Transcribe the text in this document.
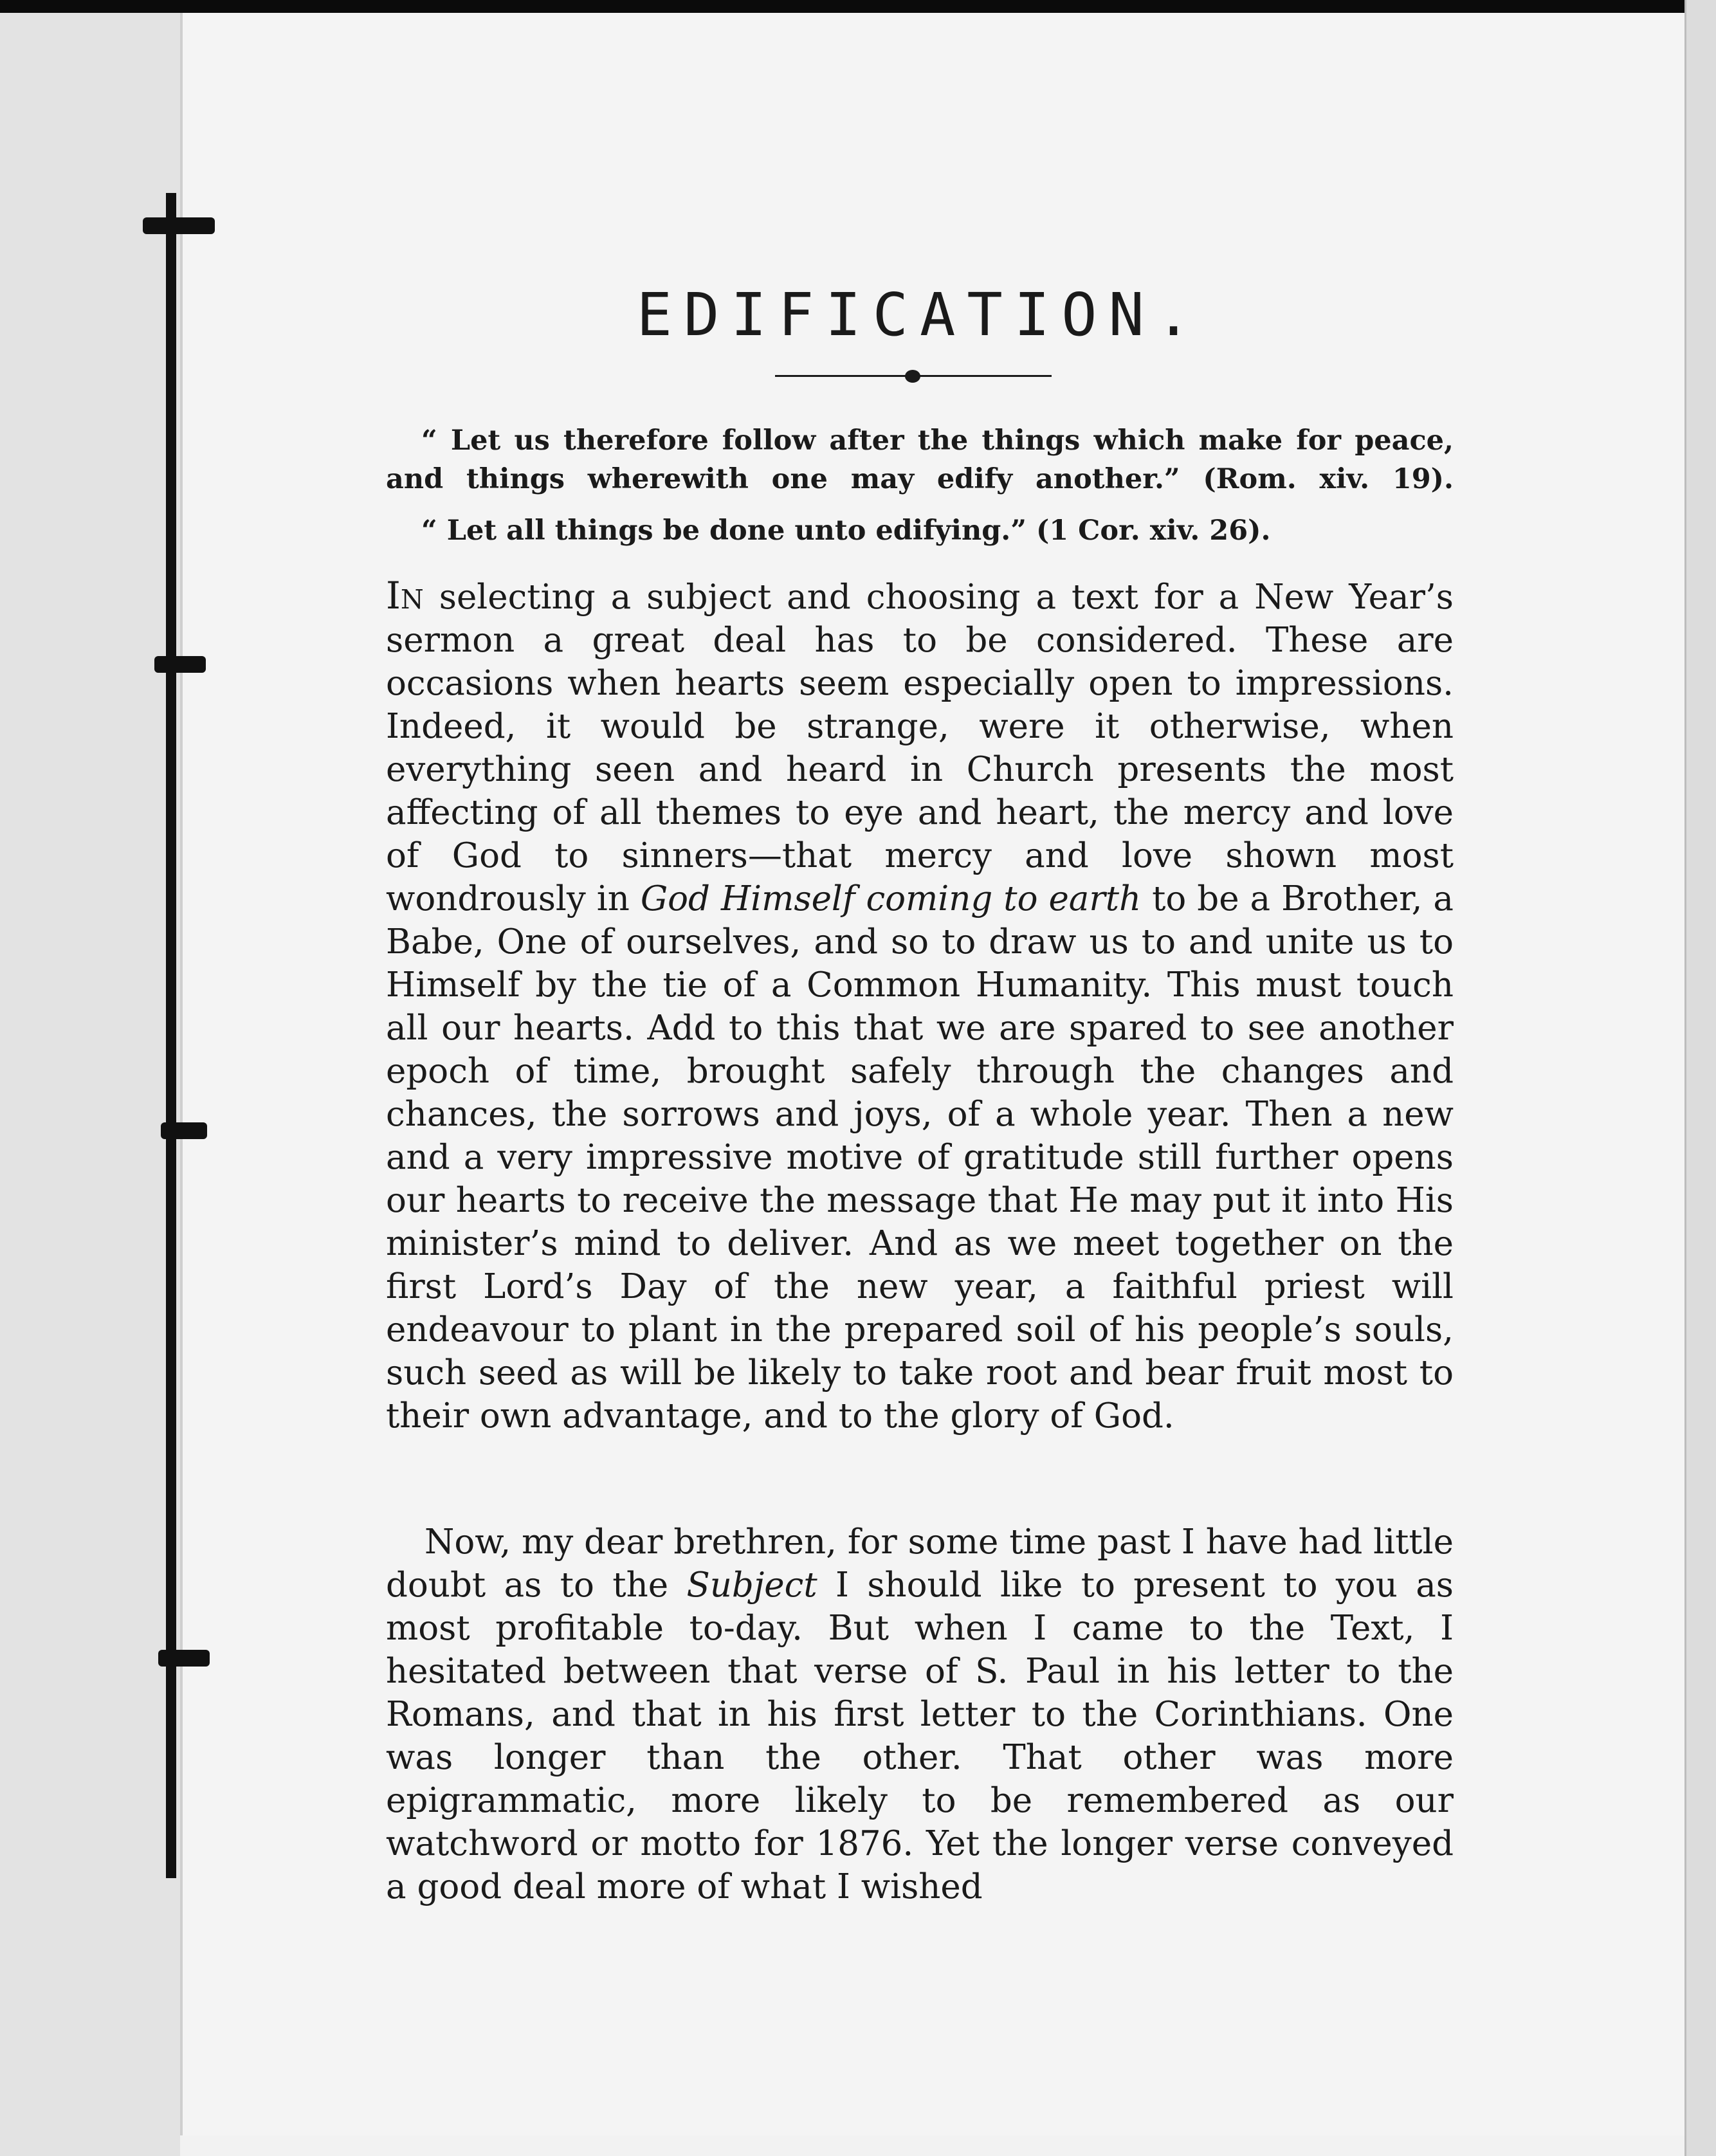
EDIFICATION.

“ Let us therefore follow after the things which make for peace, and things wherewith one may edify another.” (Rom. xiv. 19).

“ Let all things be done unto edifying.” (1 Cor. xiv. 26).

In selecting a subject and choosing a text for a New Year’s sermon a great deal has to be considered. These are occasions when hearts seem especially open to impressions. Indeed, it would be strange, were it otherwise, when everything seen and heard in Church presents the most affecting of all themes to eye and heart, the mercy and love of God to sinners—that mercy and love shown most wondrously in God Himself coming to earth to be a Brother, a Babe, One of ourselves, and so to draw us to and unite us to Himself by the tie of a Common Humanity. This must touch all our hearts. Add to this that we are spared to see another epoch of time, brought safely through the changes and chances, the sorrows and joys, of a whole year. Then a new and a very impressive motive of gratitude still further opens our hearts to receive the message that He may put it into His minister’s mind to deliver. And as we meet together on the first Lord’s Day of the new year, a faithful priest will endeavour to plant in the prepared soil of his people’s souls, such seed as will be likely to take root and bear fruit most to their own advantage, and to the glory of God.

Now, my dear brethren, for some time past I have had little doubt as to the Subject I should like to present to you as most profitable to-day. But when I came to the Text, I hesitated between that verse of S. Paul in his letter to the Romans, and that in his first letter to the Corinthians. One was longer than the other. That other was more epigrammatic, more likely to be remembered as our watchword or motto for 1876. Yet the longer verse conveyed a good deal more of what I wished
